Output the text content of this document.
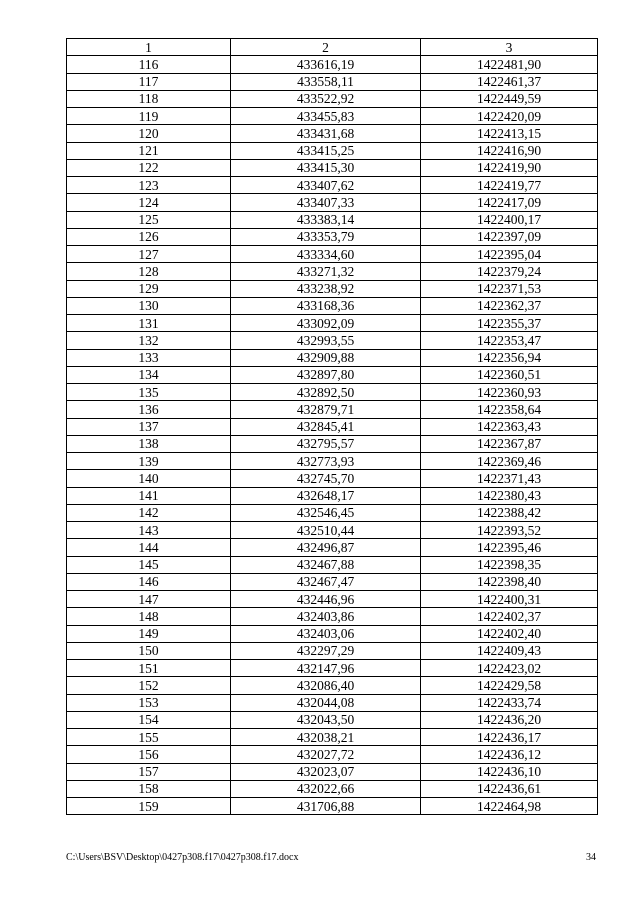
1	2	3
116	433616,19	1422481,90
117	433558,11	1422461,37
118	433522,92	1422449,59
119	433455,83	1422420,09
120	433431,68	1422413,15
121	433415,25	1422416,90
122	433415,30	1422419,90
123	433407,62	1422419,77
124	433407,33	1422417,09
125	433383,14	1422400,17
126	433353,79	1422397,09
127	433334,60	1422395,04
128	433271,32	1422379,24
129	433238,92	1422371,53
130	433168,36	1422362,37
131	433092,09	1422355,37
132	432993,55	1422353,47
133	432909,88	1422356,94
134	432897,80	1422360,51
135	432892,50	1422360,93
136	432879,71	1422358,64
137	432845,41	1422363,43
138	432795,57	1422367,87
139	432773,93	1422369,46
140	432745,70	1422371,43
141	432648,17	1422380,43
142	432546,45	1422388,42
143	432510,44	1422393,52
144	432496,87	1422395,46
145	432467,88	1422398,35
146	432467,47	1422398,40
147	432446,96	1422400,31
148	432403,86	1422402,37
149	432403,06	1422402,40
150	432297,29	1422409,43
151	432147,96	1422423,02
152	432086,40	1422429,58
153	432044,08	1422433,74
154	432043,50	1422436,20
155	432038,21	1422436,17
156	432027,72	1422436,12
157	432023,07	1422436,10
158	432022,66	1422436,61
159	431706,88	1422464,98
C:\Users\BSV\Desktop\0427p308.f17\0427p308.f17.docx	34
